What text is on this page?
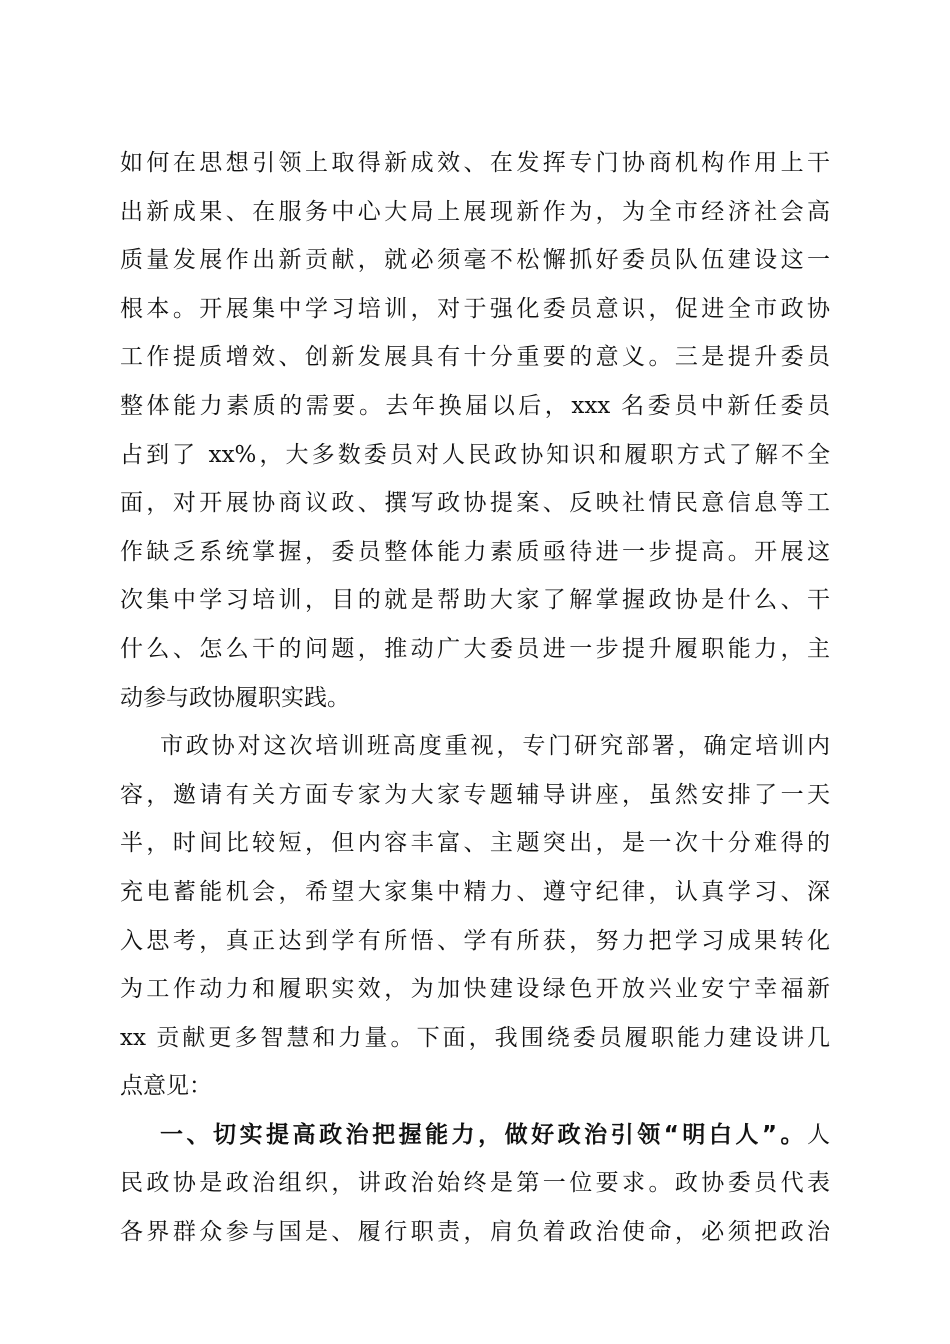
如何在思想引领上取得新成效、在发挥专门协商机构作用上干
出新成果、在服务中心大局上展现新作为，为全市经济社会高
质量发展作出新贡献，就必须毫不松懈抓好委员队伍建设这一
根本。开展集中学习培训，对于强化委员意识，促进全市政协
工作提质增效、创新发展具有十分重要的意义。三是提升委员
整体能力素质的需要。去年换届以后，xxx 名委员中新任委员
占到了 xx%，大多数委员对人民政协知识和履职方式了解不全
面，对开展协商议政、撰写政协提案、反映社情民意信息等工
作缺乏系统掌握，委员整体能力素质亟待进一步提高。开展这
次集中学习培训，目的就是帮助大家了解掌握政协是什么、干
什么、怎么干的问题，推动广大委员进一步提升履职能力，主
动参与政协履职实践。
市政协对这次培训班高度重视，专门研究部署，确定培训内
容，邀请有关方面专家为大家专题辅导讲座，虽然安排了一天
半，时间比较短，但内容丰富、主题突出，是一次十分难得的
充电蓄能机会，希望大家集中精力、遵守纪律，认真学习、深
入思考，真正达到学有所悟、学有所获，努力把学习成果转化
为工作动力和履职实效，为加快建设绿色开放兴业安宁幸福新
xx 贡献更多智慧和力量。下面，我围绕委员履职能力建设讲几
点意见：
一、切实提高政治把握能力，做好政治引领“明白人”。人
民政协是政治组织，讲政治始终是第一位要求。政协委员代表
各界群众参与国是、履行职责，肩负着政治使命，必须把政治
